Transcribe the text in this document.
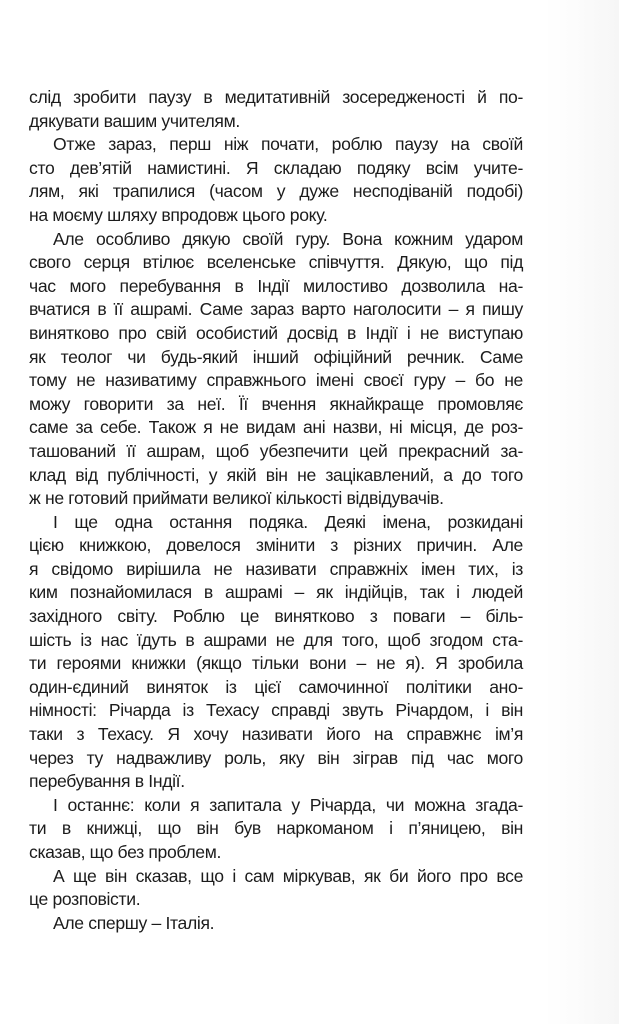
слід зробити паузу в медитативній зосередженості й по-
дякувати вашим учителям.
Отже зараз, перш ніж почати, роблю паузу на своїй
сто дев’ятій намистині. Я складаю подяку всім учите-
лям, які трапилися (часом у дуже несподіваній подобі)
на моєму шляху впродовж цього року.
Але особливо дякую своїй гуру. Вона кожним ударом
свого серця втілює вселенське співчуття. Дякую, що під
час мого перебування в Індії милостиво дозволила на-
вчатися в її ашрамі. Саме зараз варто наголосити – я пишу
винятково про свій особистий досвід в Індії і не виступаю
як теолог чи будь-який інший офіційний речник. Саме
тому не називатиму справжнього імені своєї гуру – бо не
можу говорити за неї. Її вчення якнайкраще промовляє
саме за себе. Також я не видам ані назви, ні місця, де роз-
ташований її ашрам, щоб убезпечити цей прекрасний за-
клад від публічності, у якій він не зацікавлений, а до того
ж не готовий приймати великої кількості відвідувачів.
І ще одна остання подяка. Деякі імена, розкидані
цією книжкою, довелося змінити з різних причин. Але
я свідомо вирішила не називати справжніх імен тих, із
ким познайомилася в ашрамі – як індійців, так і людей
західного світу. Роблю це винятково з поваги – біль-
шість із нас їдуть в ашрами не для того, щоб згодом ста-
ти героями книжки (якщо тільки вони – не я). Я зробила
один-єдиний виняток із цієї самочинної політики ано-
німності: Річарда із Техасу справді звуть Річардом, і він
таки з Техасу. Я хочу називати його на справжнє ім’я
через ту надважливу роль, яку він зіграв під час мого
перебування в Індії.
І останнє: коли я запитала у Річарда, чи можна згада-
ти в книжці, що він був наркоманом і п’яницею, він
сказав, що без проблем.
А ще він сказав, що і сам міркував, як би його про все
це розповісти.
Але спершу – Італія.
